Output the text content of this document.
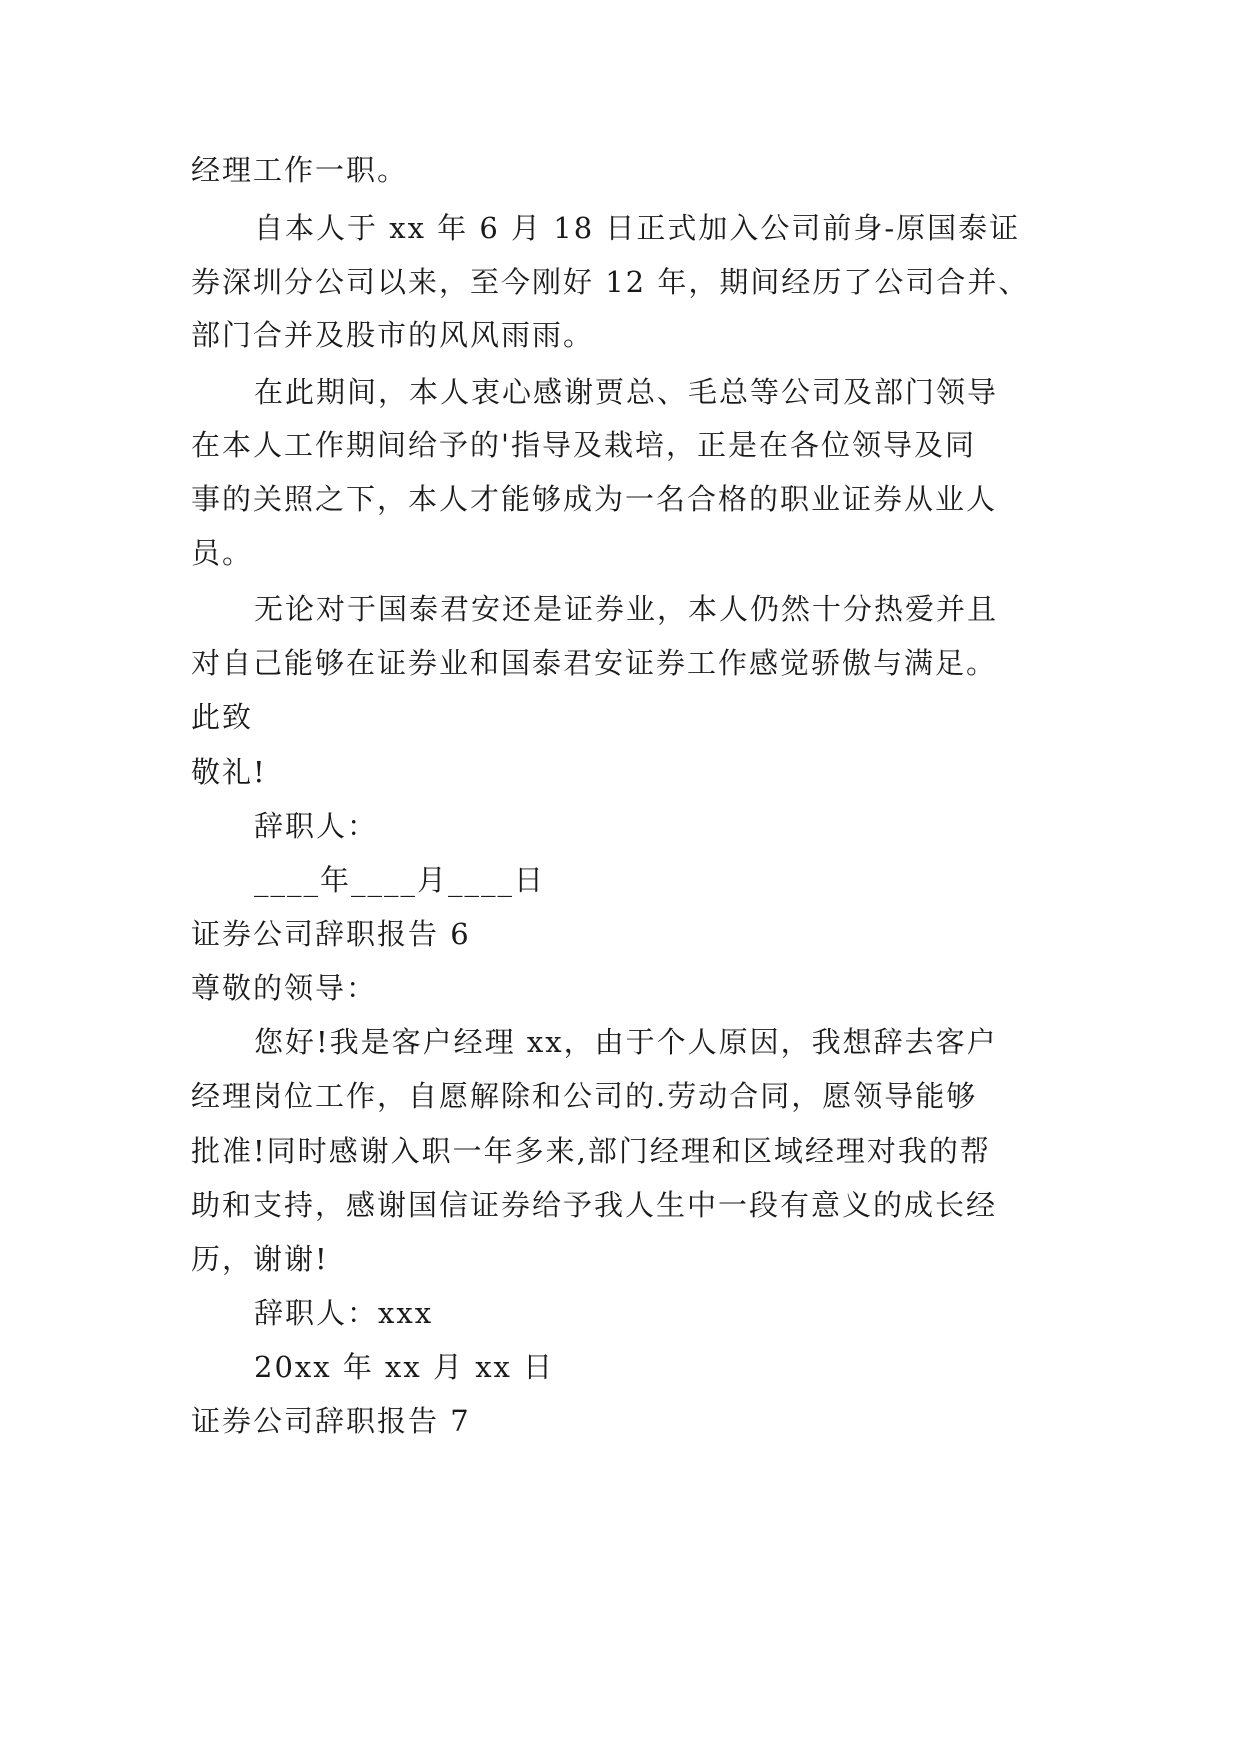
经理工作一职。
自本人于 xx 年 6 月 18 日正式加入公司前身-原国泰证
券深圳分公司以来，至今刚好 12 年，期间经历了公司合并、
部门合并及股市的风风雨雨。
在此期间，本人衷心感谢贾总、毛总等公司及部门领导
在本人工作期间给予的'指导及栽培，正是在各位领导及同
事的关照之下，本人才能够成为一名合格的职业证券从业人
员。
无论对于国泰君安还是证券业，本人仍然十分热爱并且
对自己能够在证券业和国泰君安证券工作感觉骄傲与满足。
此致
敬礼!
辞职人：
____年____月____日
证券公司辞职报告 6
尊敬的领导：
您好!我是客户经理 xx，由于个人原因，我想辞去客户
经理岗位工作，自愿解除和公司的.劳动合同，愿领导能够
批准!同时感谢入职一年多来,部门经理和区域经理对我的帮
助和支持，感谢国信证券给予我人生中一段有意义的成长经
历，谢谢!
辞职人：xxx
20xx 年 xx 月 xx 日
证券公司辞职报告 7
